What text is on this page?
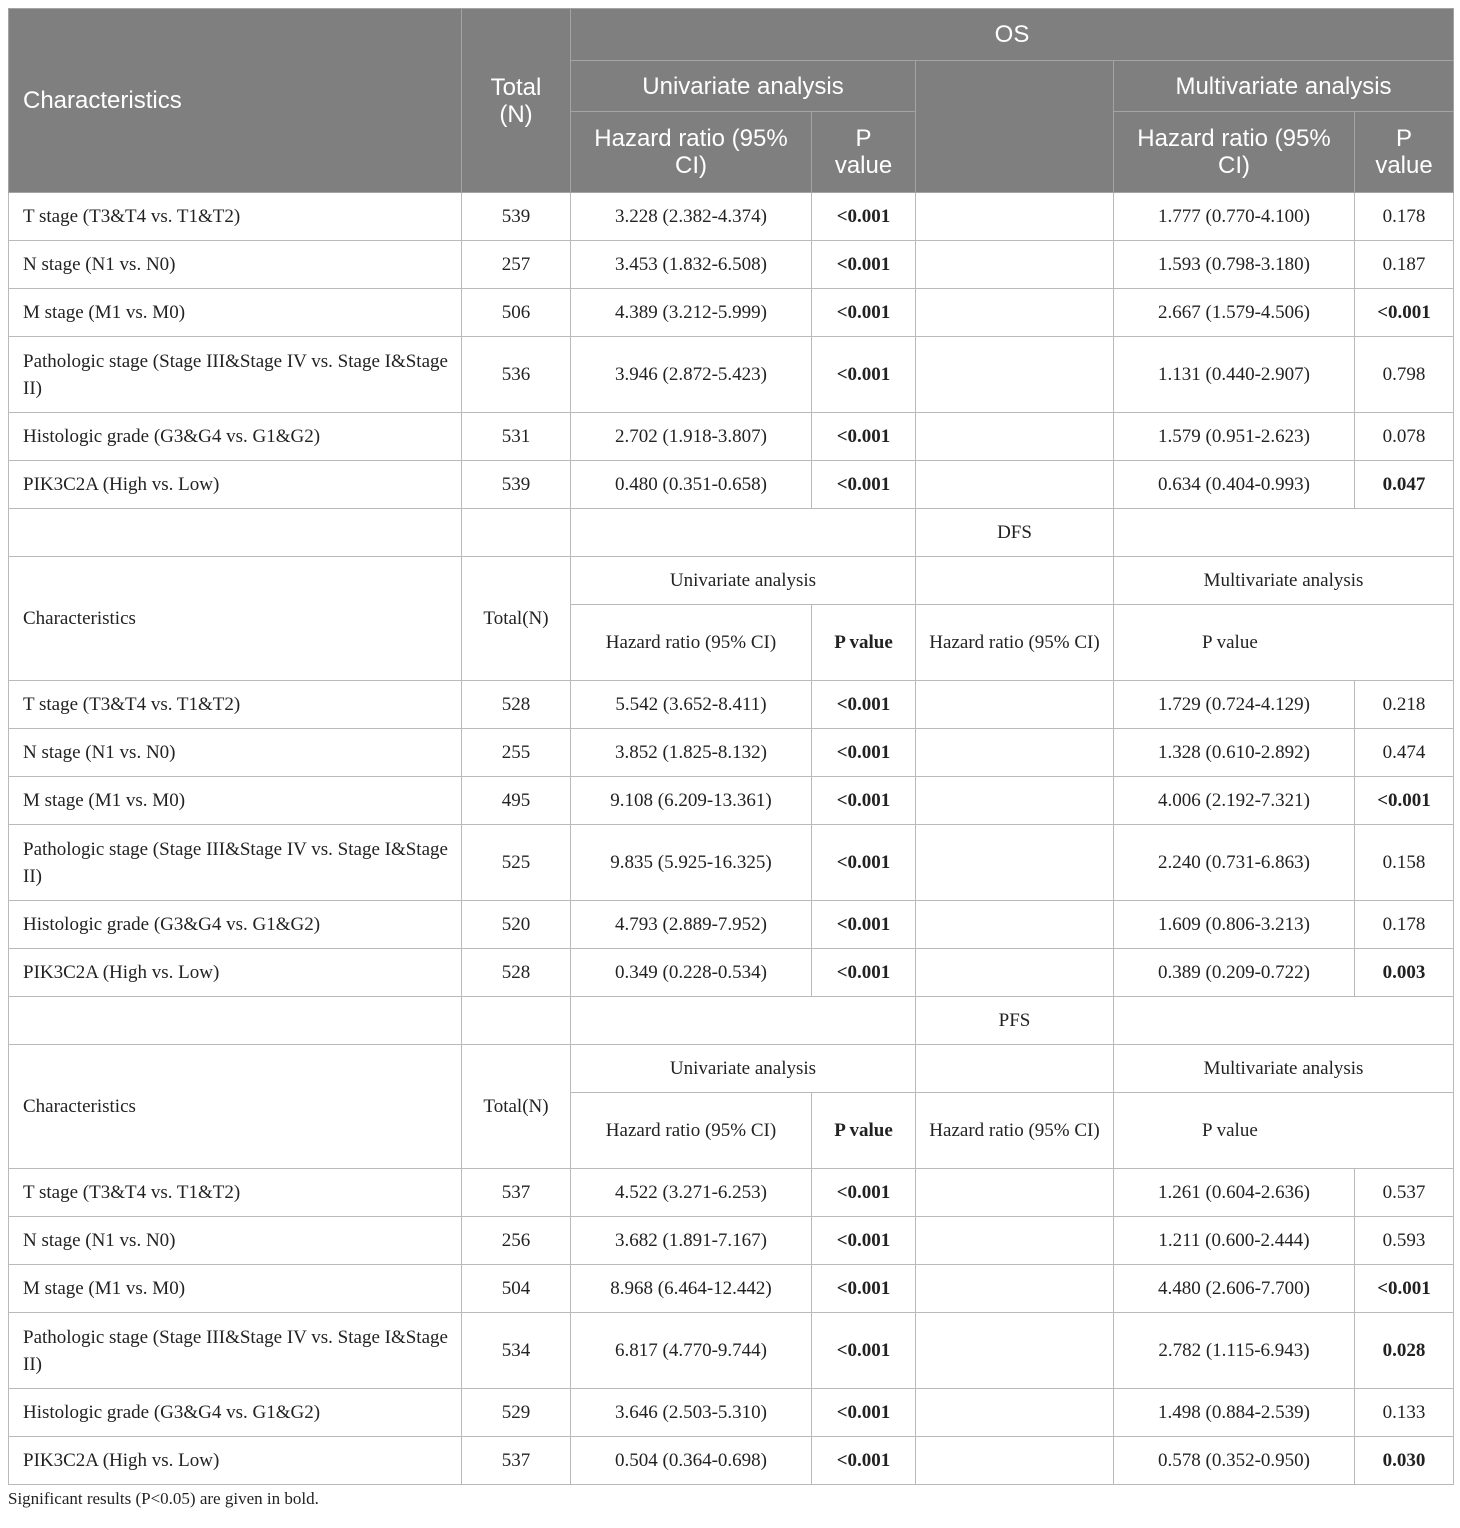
Characteristics	Total (N)	OS				
		Univariate analysis			Multivariate analysis	
		Hazard ratio (95% CI)	P value		Hazard ratio (95% CI)	P value
T stage (T3&T4 vs. T1&T2)	539	3.228 (2.382-4.374)	<0.001		1.777 (0.770-4.100)	0.178
N stage (N1 vs. N0)	257	3.453 (1.832-6.508)	<0.001		1.593 (0.798-3.180)	0.187
M stage (M1 vs. M0)	506	4.389 (3.212-5.999)	<0.001		2.667 (1.579-4.506)	<0.001
Pathologic stage (Stage III&Stage IV vs. Stage I&Stage II)	536	3.946 (2.872-5.423)	<0.001		1.131 (0.440-2.907)	0.798
Histologic grade (G3&G4 vs. G1&G2)	531	2.702 (1.918-3.807)	<0.001		1.579 (0.951-2.623)	0.078
PIK3C2A (High vs. Low)	539	0.480 (0.351-0.658)	<0.001		0.634 (0.404-0.993)	0.047
				DFS		
Characteristics	Total(N)	Univariate analysis			Multivariate analysis	
		Hazard ratio (95% CI)	P value	Hazard ratio (95% CI)	P value	
T stage (T3&T4 vs. T1&T2)	528	5.542 (3.652-8.411)	<0.001		1.729 (0.724-4.129)	0.218
N stage (N1 vs. N0)	255	3.852 (1.825-8.132)	<0.001		1.328 (0.610-2.892)	0.474
M stage (M1 vs. M0)	495	9.108 (6.209-13.361)	<0.001		4.006 (2.192-7.321)	<0.001
Pathologic stage (Stage III&Stage IV vs. Stage I&Stage II)	525	9.835 (5.925-16.325)	<0.001		2.240 (0.731-6.863)	0.158
Histologic grade (G3&G4 vs. G1&G2)	520	4.793 (2.889-7.952)	<0.001		1.609 (0.806-3.213)	0.178
PIK3C2A (High vs. Low)	528	0.349 (0.228-0.534)	<0.001		0.389 (0.209-0.722)	0.003
				PFS		
Characteristics	Total(N)	Univariate analysis			Multivariate analysis	
		Hazard ratio (95% CI)	P value	Hazard ratio (95% CI)	P value	
T stage (T3&T4 vs. T1&T2)	537	4.522 (3.271-6.253)	<0.001		1.261 (0.604-2.636)	0.537
N stage (N1 vs. N0)	256	3.682 (1.891-7.167)	<0.001		1.211 (0.600-2.444)	0.593
M stage (M1 vs. M0)	504	8.968 (6.464-12.442)	<0.001		4.480 (2.606-7.700)	<0.001
Pathologic stage (Stage III&Stage IV vs. Stage I&Stage II)	534	6.817 (4.770-9.744)	<0.001		2.782 (1.115-6.943)	0.028
Histologic grade (G3&G4 vs. G1&G2)	529	3.646 (2.503-5.310)	<0.001		1.498 (0.884-2.539)	0.133
PIK3C2A (High vs. Low)	537	0.504 (0.364-0.698)	<0.001		0.578 (0.352-0.950)	0.030
Significant results (P<0.05) are given in bold.
